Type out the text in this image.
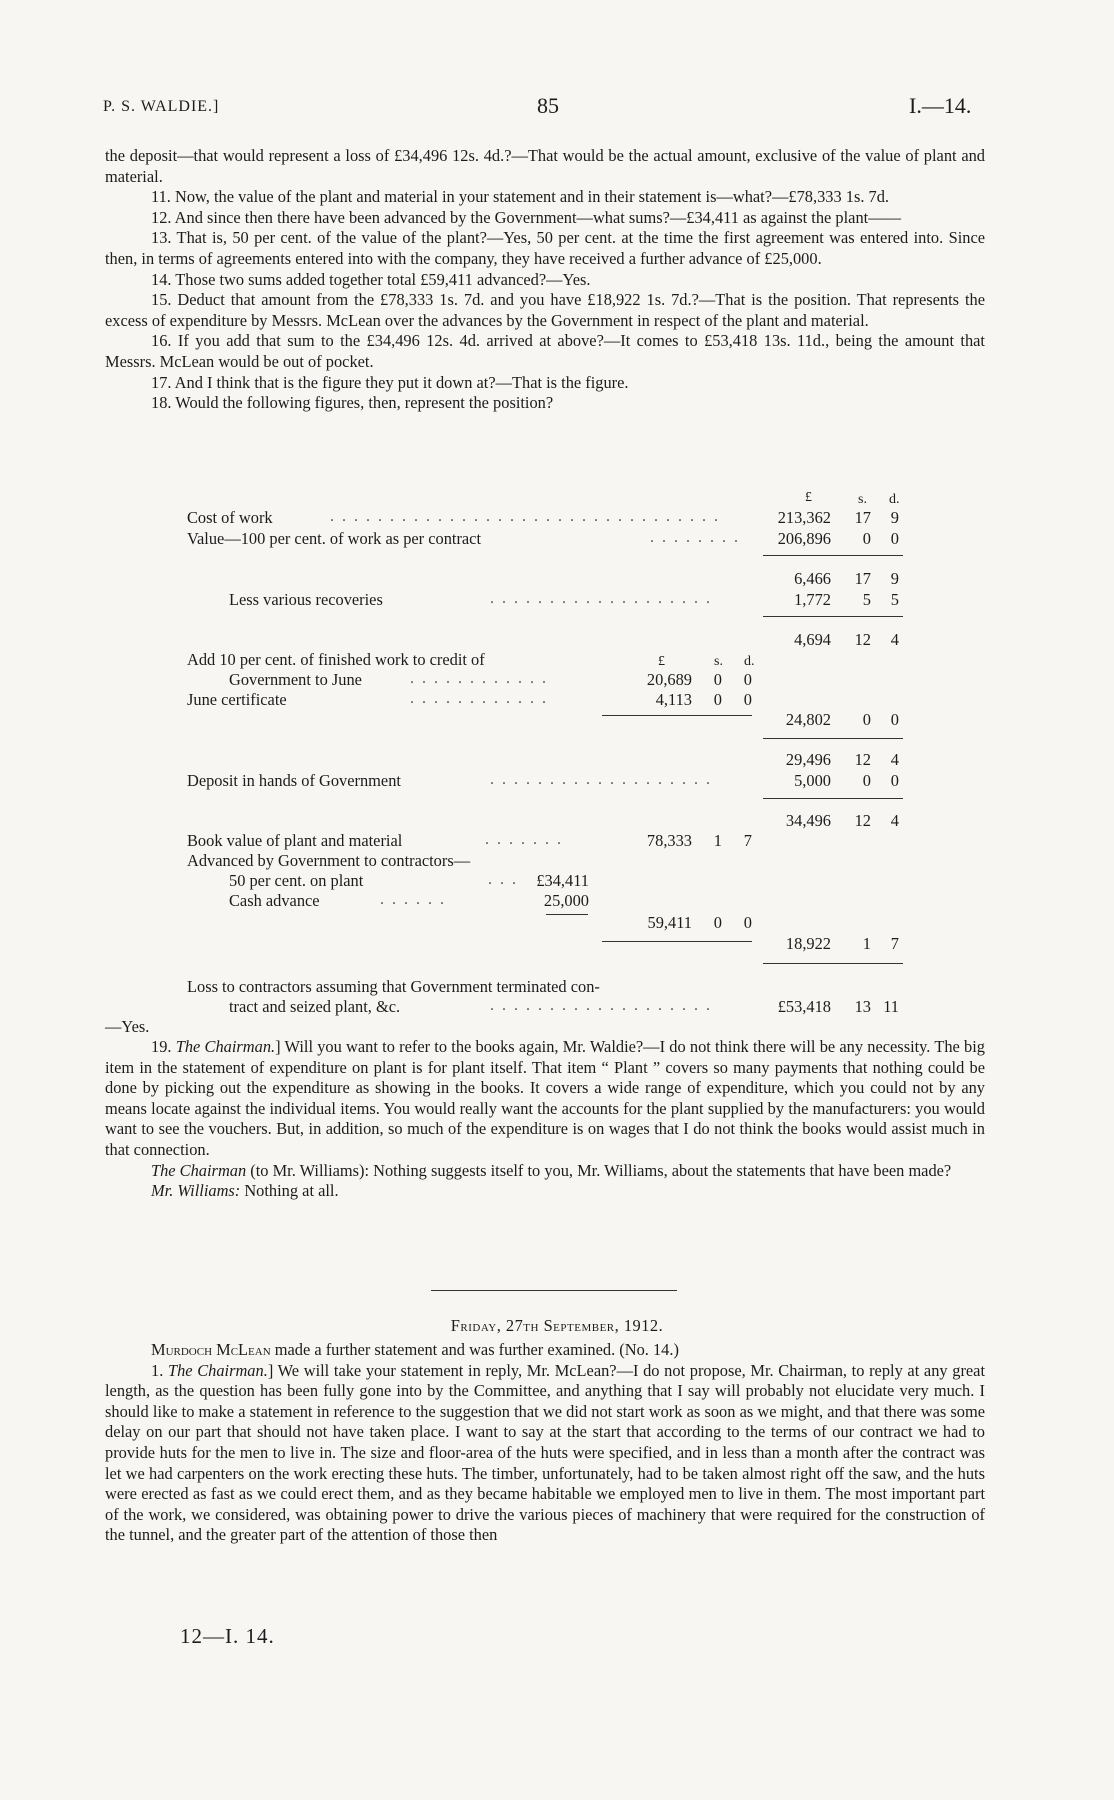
P. S. WALDIE.]	85	I.—14.

the deposit—that would represent a loss of £34,496 12s. 4d.?—That would be the actual amount, exclusive of the value of plant and material.

11. Now, the value of the plant and material in your statement and in their statement is—what?—£78,333 1s. 7d.

12. And since then there have been advanced by the Government—what sums?—£34,411 as against the plant——

13. That is, 50 per cent. of the value of the plant?—Yes, 50 per cent. at the time the first agreement was entered into. Since then, in terms of agreements entered into with the company, they have received a further advance of £25,000.

14. Those two sums added together total £59,411 advanced?—Yes.

15. Deduct that amount from the £78,333 1s. 7d. and you have £18,922 1s. 7d.?—That is the position. That represents the excess of expenditure by Messrs. McLean over the advances by the Government in respect of the plant and material.

16. If you add that sum to the £34,496 12s. 4d. arrived at above?—It comes to £53,418 13s. 11d., being the amount that Messrs. McLean would be out of pocket.

17. And I think that is the figure they put it down at?—That is the figure.

18. Would the following figures, then, represent the position?

£	s. d.
Cost of work	. . . . . . . . . . . . . . . . . . . . . . . . . . . . . . . . .	213,362 17 9
Value—100 per cent. of work as per contract	. . . . . . . .	206,896 0 0
6,466 17 9
Less various recoveries	. . . . . . . . . . . . . . . . . . .	1,772 5 5
4,694 12 4
Add 10 per cent. of finished work to credit of	£	s. d.
Government to June	. . . . . . . . . . . .	20,689 0 0
June certificate	. . . . . . . . . . . .	4,113 0 0
24,802 0 0
29,496 12 4
Deposit in hands of Government	. . . . . . . . . . . . . . . . . . .	5,000 0 0
34,496 12 4
Book value of plant and material	. . . . . . .	78,333 1 7
Advanced by Government to contractors—
50 per cent. on plant	. . . £34,411
Cash advance	. . . . . .	25,000
59,411 0 0
18,922 1 7
Loss to contractors assuming that Government terminated con-
tract and seized plant, &c.	. . . . . . . . . . . . . . . . . . .	£53,418 13 11
—Yes.

19. The Chairman.] Will you want to refer to the books again, Mr. Waldie?—I do not think there will be any necessity. The big item in the statement of expenditure on plant is for plant itself. That item “ Plant ” covers so many payments that nothing could be done by picking out the expenditure as showing in the books. It covers a wide range of expenditure, which you could not by any means locate against the individual items. You would really want the accounts for the plant supplied by the manufacturers: you would want to see the vouchers. But, in addition, so much of the expenditure is on wages that I do not think the books would assist much in that connection.

The Chairman (to Mr. Williams): Nothing suggests itself to you, Mr. Williams, about the statements that have been made?

Mr. Williams: Nothing at all.

Friday, 27th September, 1912.

Murdoch McLean made a further statement and was further examined. (No. 14.)

1. The Chairman.] We will take your statement in reply, Mr. McLean?—I do not propose, Mr. Chairman, to reply at any great length, as the question has been fully gone into by the Committee, and anything that I say will probably not elucidate very much. I should like to make a statement in reference to the suggestion that we did not start work as soon as we might, and that there was some delay on our part that should not have taken place. I want to say at the start that according to the terms of our contract we had to provide huts for the men to live in. The size and floor-area of the huts were specified, and in less than a month after the contract was let we had carpenters on the work erecting these huts. The timber, unfortunately, had to be taken almost right off the saw, and the huts were erected as fast as we could erect them, and as they became habitable we employed men to live in them. The most important part of the work, we considered, was obtaining power to drive the various pieces of machinery that were required for the construction of the tunnel, and the greater part of the attention of those then

12—I. 14.
